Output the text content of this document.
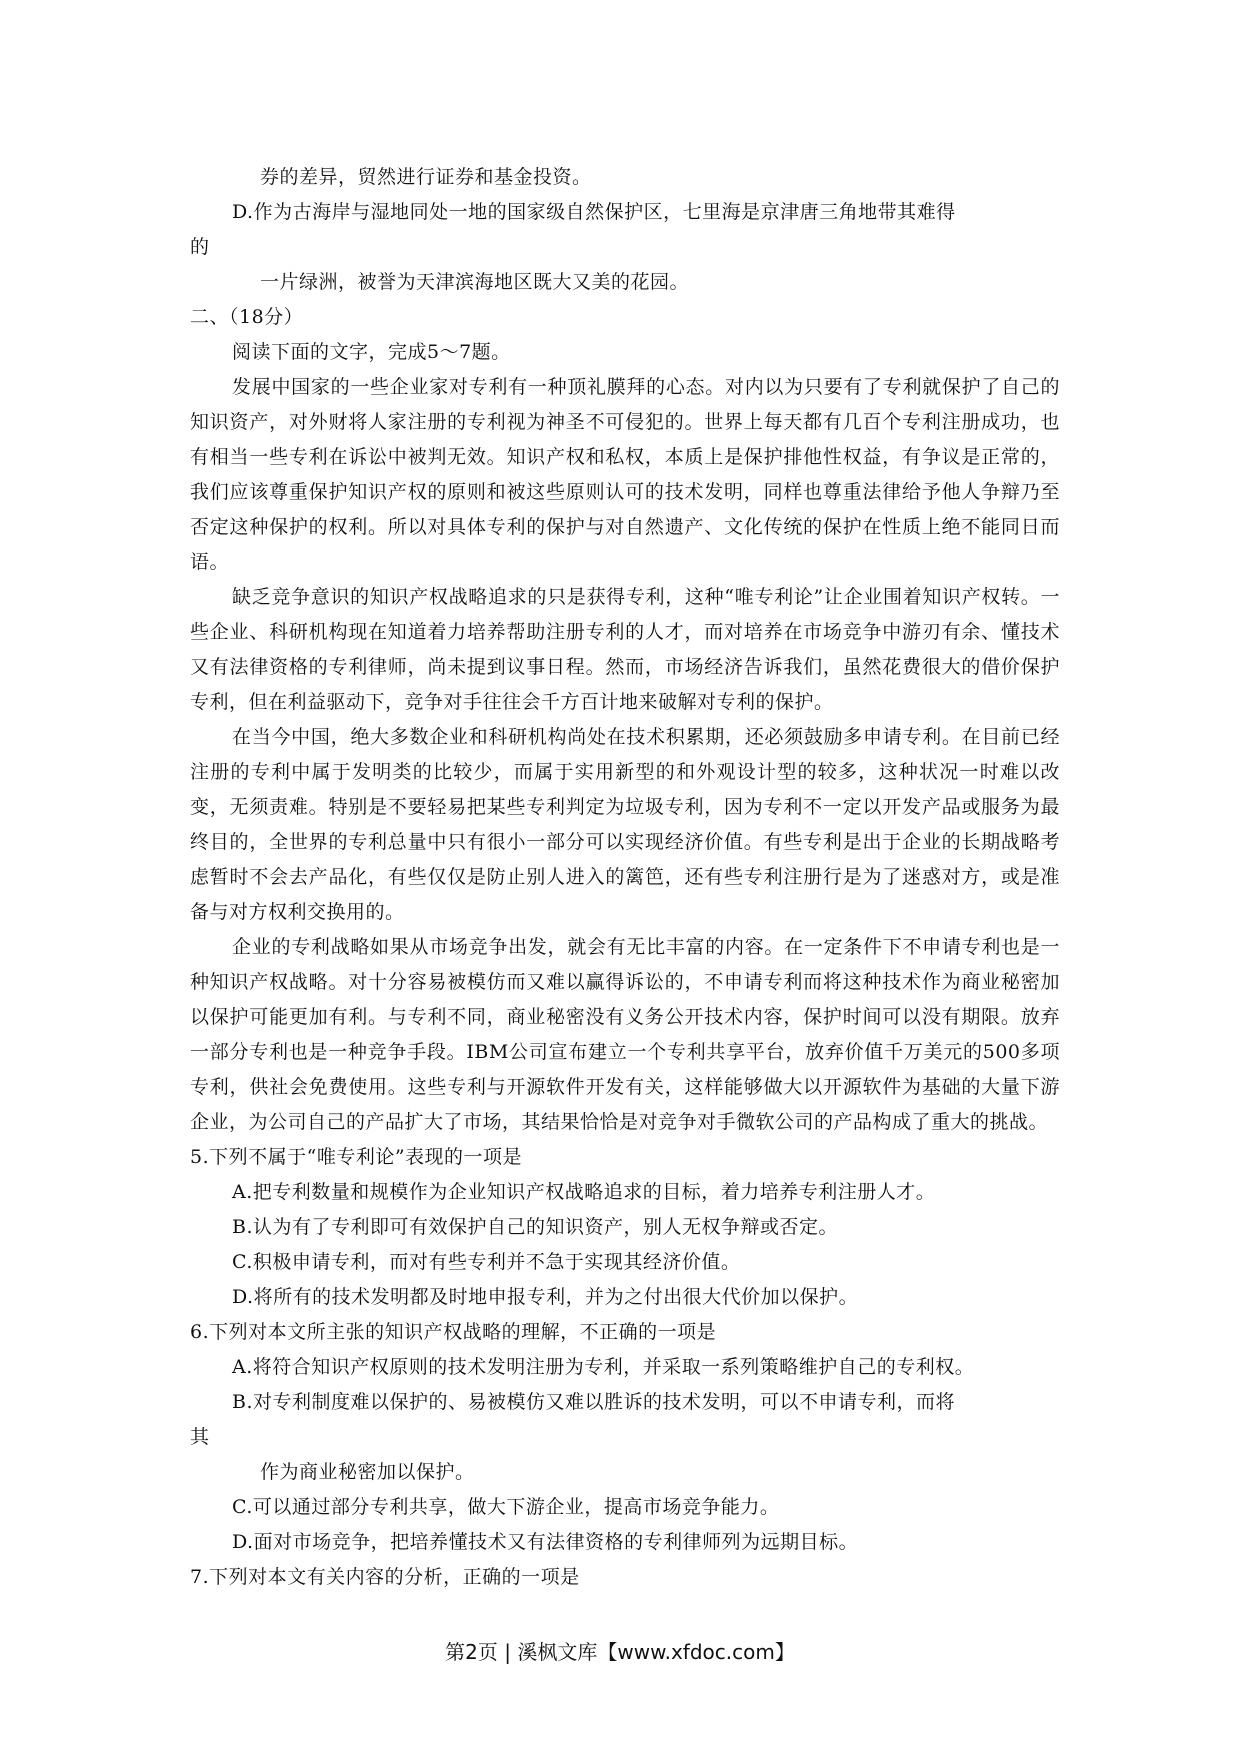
券的差异，贸然进行证券和基金投资。

D.作为古海岸与湿地同处一地的国家级自然保护区，七里海是京津唐三角地带其难得

的

一片绿洲，被誉为天津滨海地区既大又美的花园。

二、（18分）

阅读下面的文字，完成5～7题。

发展中国家的一些企业家对专利有一种顶礼膜拜的心态。对内以为只要有了专利就保护了自己的知识资产，对外财将人家注册的专利视为神圣不可侵犯的。世界上每天都有几百个专利注册成功，也有相当一些专利在诉讼中被判无效。知识产权和私权，本质上是保护排他性权益，有争议是正常的，我们应该尊重保护知识产权的原则和被这些原则认可的技术发明，同样也尊重法律给予他人争辩乃至否定这种保护的权利。所以对具体专利的保护与对自然遗产、文化传统的保护在性质上绝不能同日而语。

缺乏竞争意识的知识产权战略追求的只是获得专利，这种“唯专利论”让企业围着知识产权转。一些企业、科研机构现在知道着力培养帮助注册专利的人才，而对培养在市场竞争中游刃有余、懂技术又有法律资格的专利律师，尚未提到议事日程。然而，市场经济告诉我们，虽然花费很大的借价保护专利，但在利益驱动下，竞争对手往往会千方百计地来破解对专利的保护。

在当今中国，绝大多数企业和科研机构尚处在技术积累期，还必须鼓励多申请专利。在目前已经注册的专利中属于发明类的比较少，而属于实用新型的和外观设计型的较多，这种状况一时难以改变，无须责难。特别是不要轻易把某些专利判定为垃圾专利，因为专利不一定以开发产品或服务为最终目的，全世界的专利总量中只有很小一部分可以实现经济价值。有些专利是出于企业的长期战略考虑暂时不会去产品化，有些仅仅是防止别人进入的篱笆，还有些专利注册行是为了迷惑对方，或是准备与对方权利交换用的。

企业的专利战略如果从市场竞争出发，就会有无比丰富的内容。在一定条件下不申请专利也是一种知识产权战略。对十分容易被模仿而又难以赢得诉讼的，不申请专利而将这种技术作为商业秘密加以保护可能更加有利。与专利不同，商业秘密没有义务公开技术内容，保护时间可以没有期限。放弃一部分专利也是一种竞争手段。IBM公司宣布建立一个专利共享平台，放弃价值千万美元的500多项专利，供社会免费使用。这些专利与开源软件开发有关，这样能够做大以开源软件为基础的大量下游企业，为公司自己的产品扩大了市场，其结果恰恰是对竞争对手微软公司的产品构成了重大的挑战。

5.下列不属于“唯专利论”表现的一项是

A.把专利数量和规模作为企业知识产权战略追求的目标，着力培养专利注册人才。

B.认为有了专利即可有效保护自己的知识资产，别人无权争辩或否定。

C.积极申请专利，而对有些专利并不急于实现其经济价值。

D.将所有的技术发明都及时地申报专利，并为之付出很大代价加以保护。

6.下列对本文所主张的知识产权战略的理解，不正确的一项是

A.将符合知识产权原则的技术发明注册为专利，并采取一系列策略维护自己的专利权。

B.对专利制度难以保护的、易被模仿又难以胜诉的技术发明，可以不申请专利，而将

其

作为商业秘密加以保护。

C.可以通过部分专利共享，做大下游企业，提高市场竞争能力。

D.面对市场竞争，把培养懂技术又有法律资格的专利律师列为远期目标。

7.下列对本文有关内容的分析，正确的一项是

第2页 | 溪枫文库【www.xfdoc.com】
